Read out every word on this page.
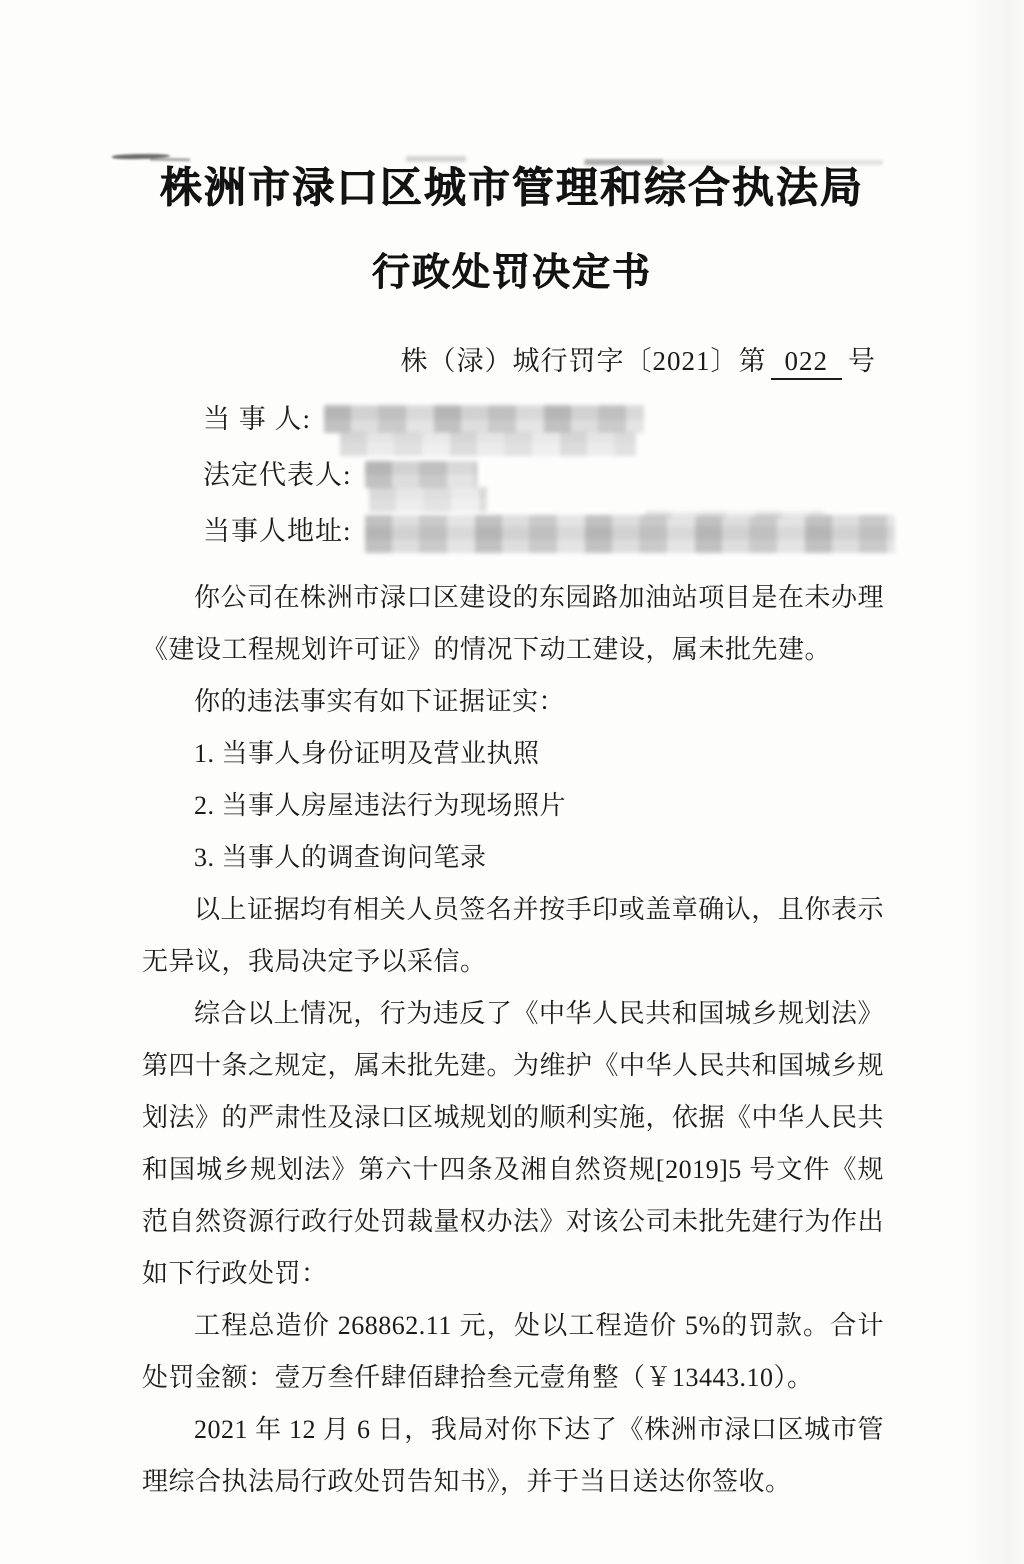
株洲市渌口区城市管理和综合执法局
行政处罚决定书
株（渌）城行罚字〔2021〕第 022 号
当 事 人:
法定代表人:
当事人地址:

你公司在株洲市渌口区建设的东园路加油站项目是在未办理《建设工程规划许可证》的情况下动工建设，属未批先建。

你的违法事实有如下证据证实：

1. 当事人身份证明及营业执照

2. 当事人房屋违法行为现场照片

3. 当事人的调查询问笔录

以上证据均有相关人员签名并按手印或盖章确认，且你表示无异议，我局决定予以采信。

综合以上情况，行为违反了《中华人民共和国城乡规划法》第四十条之规定，属未批先建。为维护《中华人民共和国城乡规划法》的严肃性及渌口区城规划的顺利实施，依据《中华人民共和国城乡规划法》第六十四条及湘自然资规[2019]5 号文件《规范自然资源行政行处罚裁量权办法》对该公司未批先建行为作出如下行政处罚：

工程总造价 268862.11 元，处以工程造价 5%的罚款。合计处罚金额：壹万叁仟肆佰肆拾叁元壹角整（￥13443.10）。

2021 年 12 月 6 日，我局对你下达了《株洲市渌口区城市管理综合执法局行政处罚告知书》，并于当日送达你签收。
